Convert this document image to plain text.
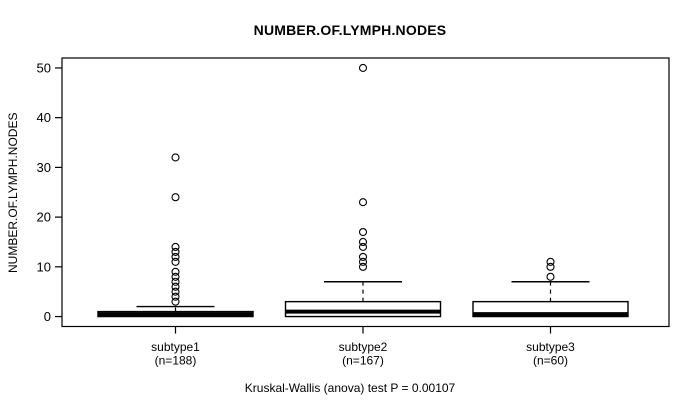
NUMBER.OF.LYMPH.NODES
NUMBER.OF.LYMPH.NODES
0
10
20
30
40
50
subtype1
(n=188)
subtype2
(n=167)
subtype3
(n=60)
Kruskal-Wallis (anova) test P = 0.00107
